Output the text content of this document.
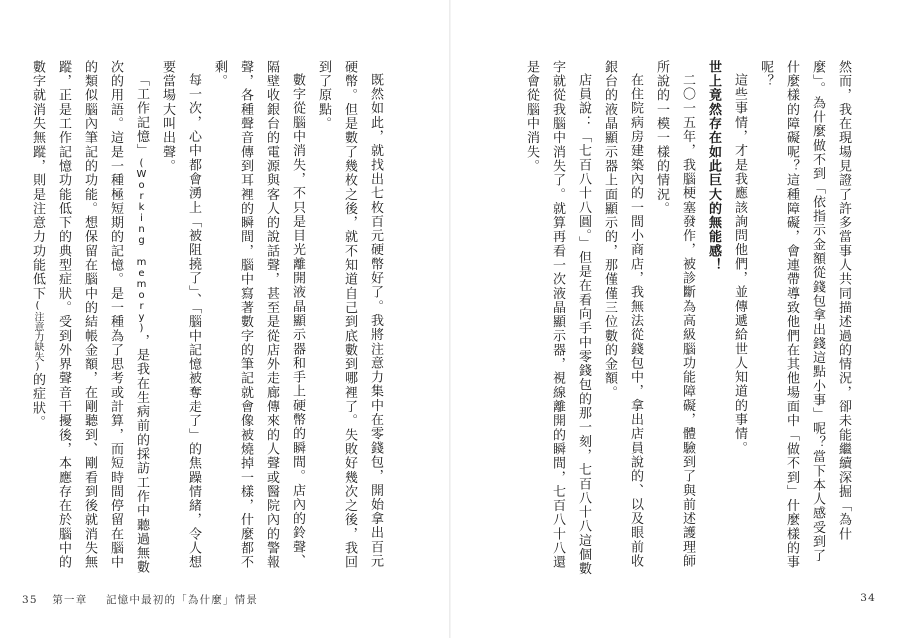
既然如此，就找出七枚百元硬幣好了。我將注意力集中在零錢包，開始拿出百元硬幣。但是數了幾枚之後，就不知道自己到底數到哪裡了。失敗好幾次之後，我回到了原點。

數字從腦中消失，不只是目光離開液晶顯示器和手上硬幣的瞬間。店內的鈴聲、隔壁收銀台的電源與客人的說話聲，甚至是從店外走廊傳來的人聲或醫院內的警報聲，各種聲音傳到耳裡的瞬間，腦中寫著數字的筆記就會像被燒掉一樣，什麼都不剩。

每一次，心中都會湧上「被阻撓了」、「腦中記憶被奪走了」的焦躁情緒，令人想要當場大叫出聲。

「工作記憶」(Working memory)，是我在生病前的採訪工作中聽過無數次的用語。這是一種極短期的記憶。是一種為了思考或計算，而短時間停留在腦中的類似腦內筆記的功能。想保留在腦中的結帳金額，在剛聽到、剛看到後就消失無蹤，正是工作記憶功能低下的典型症狀。受到外界聲音干擾後，本應存在於腦中的數字就消失無蹤，則是注意力功能低下(注意力缺失)的症狀。

35 第一章 記憶中最初的「為什麼」情景

然而，我在現場見證了許多當事人共同描述過的情況，卻未能繼續深掘「為什麼」。為什麼做不到「依指示金額從錢包拿出錢這點小事」呢？當下本人感受到了什麼樣的障礙呢？這種障礙，會連帶導致他們在其他場面中「做不到」什麼樣的事呢？

這些事情，才是我應該詢問他們，並傳遞給世人知道的事情。

世上竟然存在如此巨大的無能感！

二〇一五年，我腦梗塞發作，被診斷為高級腦功能障礙，體驗到了與前述護理師所說的一模一樣的情況。

在住院病房建築內的一間小商店，我無法從錢包中，拿出店員說的、以及眼前收銀台的液晶顯示器上面顯示的，那僅僅三位數的金額。

店員說：「七百八十八圓。」但是在看向手中零錢包的那一刻，七百八十八這個數字就從我腦中消失了。就算再看一次液晶顯示器，視線離開的瞬間，七百八十八還是會從腦中消失。

34
